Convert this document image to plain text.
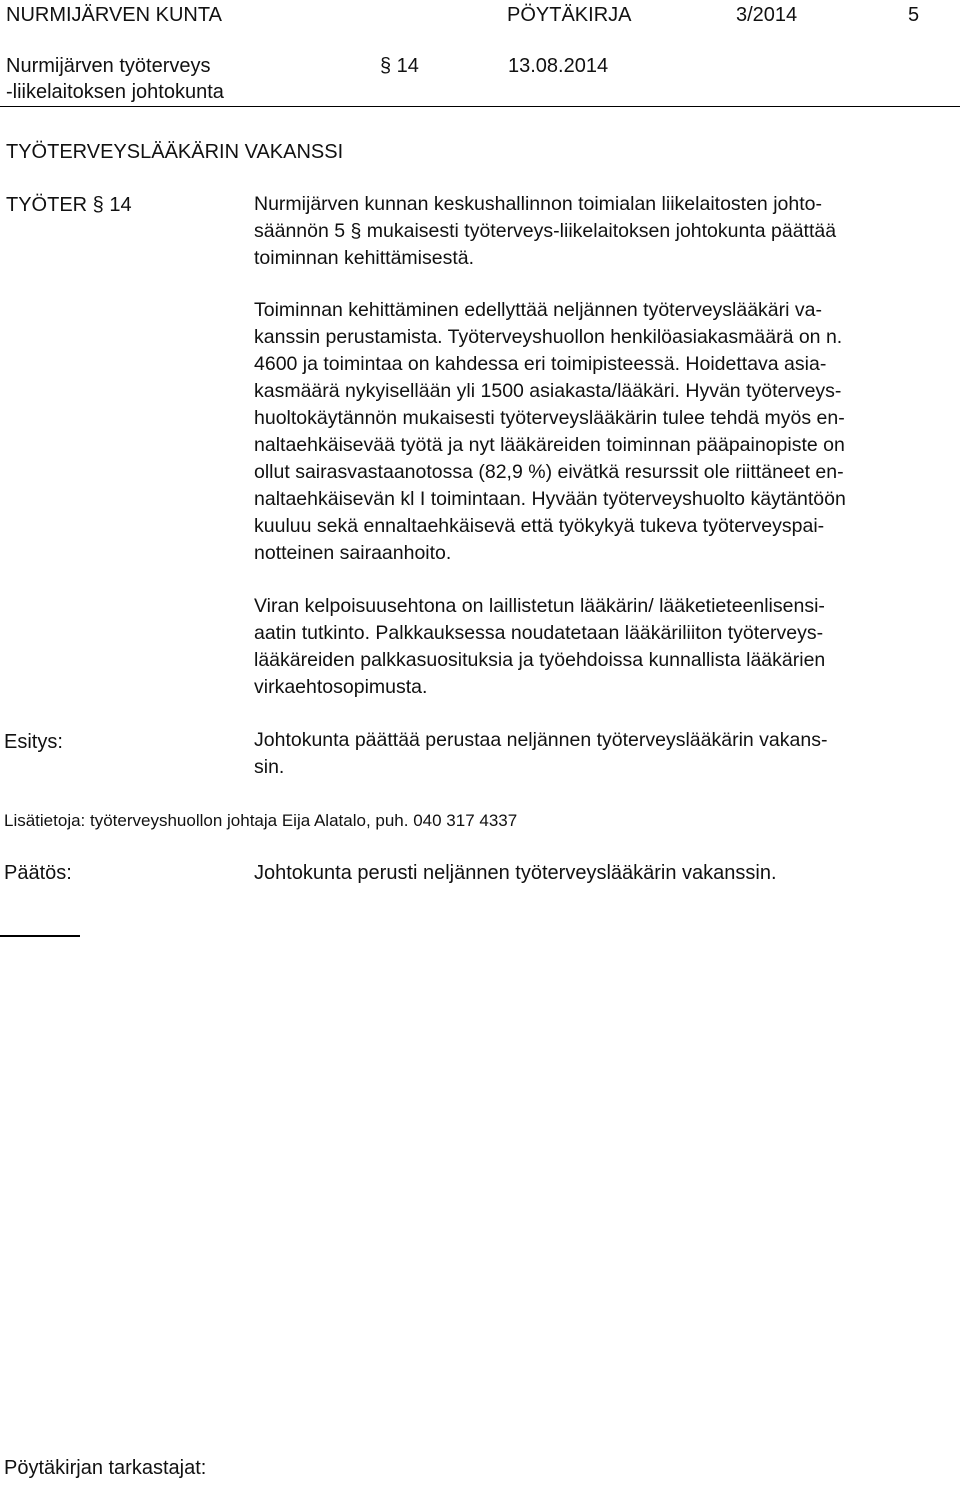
NURMIJÄRVEN KUNTA	PÖYTÄKIRJA	3/2014	5
Nurmijärven työterveys
-liikelaitoksen johtokunta
§ 14	13.08.2014
TYÖTERVEYSLÄÄKÄRIN VAKANSSI
TYÖTER § 14	Nurmijärven kunnan keskushallinnon toimialan liikelaitosten johto-
säännön 5 § mukaisesti työterveys-liikelaitoksen johtokunta päättää
toiminnan kehittämisestä.
Toiminnan kehittäminen edellyttää neljännen työterveyslääkäri va-
kanssin perustamista. Työterveyshuollon henkilöasiakasmäärä on n.
4600 ja toimintaa on kahdessa eri toimipisteessä. Hoidettava asia-
kasmäärä nykyisellään yli 1500 asiakasta/lääkäri. Hyvän työterveys-
huoltokäytännön mukaisesti työterveyslääkärin tulee tehdä myös en-
naltaehkäisevää työtä ja nyt lääkäreiden toiminnan pääpainopiste on
ollut sairasvastaanotossa (82,9 %) eivätkä resurssit ole riittäneet en-
naltaehkäisevän kl I toimintaan. Hyvään työterveyshuolto käytäntöön
kuuluu sekä ennaltaehkäisevä että työkykyä tukeva työterveyspai-
notteinen sairaanhoito.
Viran kelpoisuusehtona on laillistetun lääkärin/ lääketieteenlisensi-
aatin tutkinto. Palkkauksessa noudatetaan lääkäriliiton työterveys-
lääkäreiden palkkasuosituksia ja työehdoissa kunnallista lääkärien
virkaehtosopimusta.
Esitys:	Johtokunta päättää perustaa neljännen työterveyslääkärin vakans-
sin.
Lisätietoja: työterveyshuollon johtaja Eija Alatalo, puh. 040 317 4337
Päätös:	Johtokunta perusti neljännen työterveyslääkärin vakanssin.
Pöytäkirjan tarkastajat:
